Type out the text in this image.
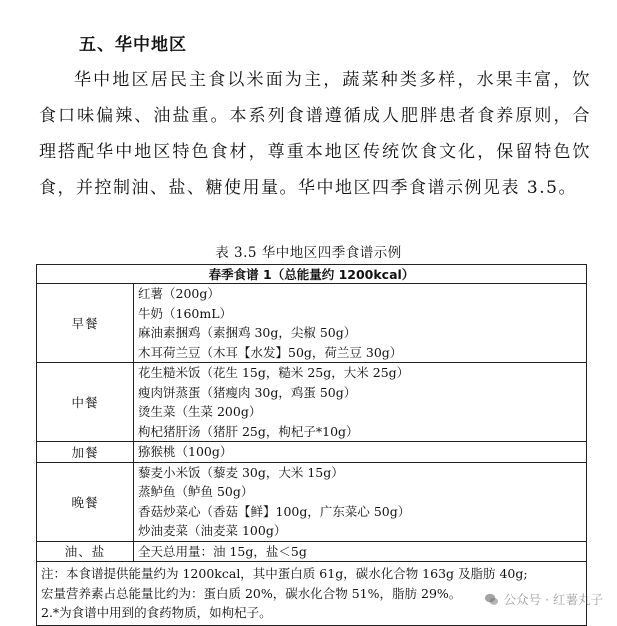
五、华中地区

华中地区居民主食以米面为主，蔬菜种类多样，水果丰富，饮食口味偏辣、油盐重。本系列食谱遵循成人肥胖患者食养原则，合理搭配华中地区特色食材，尊重本地区传统饮食文化，保留特色饮食，并控制油、盐、糖使用量。华中地区四季食谱示例见表 3.5。

表 3.5 华中地区四季食谱示例
春季食谱 1（总能量约 1200kcal）	
早餐	红薯（200g）
牛奶（160mL）
麻油素捆鸡（素捆鸡 30g，尖椒 50g）
木耳荷兰豆（木耳【水发】50g，荷兰豆 30g）

中餐	花生糙米饭（花生 15g，糙米 25g，大米 25g）
瘦肉饼蒸蛋（猪瘦肉 30g，鸡蛋 50g）
烫生菜（生菜 200g）
枸杞猪肝汤（猪肝 25g，枸杞子*10g）

加餐	猕猴桃（100g）

晚餐	藜麦小米饭（藜麦 30g，大米 15g）
蒸鲈鱼（鲈鱼 50g）
香菇炒菜心（香菇【鲜】100g，广东菜心 50g）
炒油麦菜（油麦菜 100g）

油、盐	全天总用量：油 15g，盐＜5g

注：本食谱提供能量约为 1200kcal，其中蛋白质 61g，碳水化合物 163g 及脂肪 40g;
宏量营养素占总能量比约为：蛋白质 20%，碳水化合物 51%，脂肪 29%。
2.*为食谱中用到的食药物质，如枸杞子。	
公众号 · 红薯丸子
